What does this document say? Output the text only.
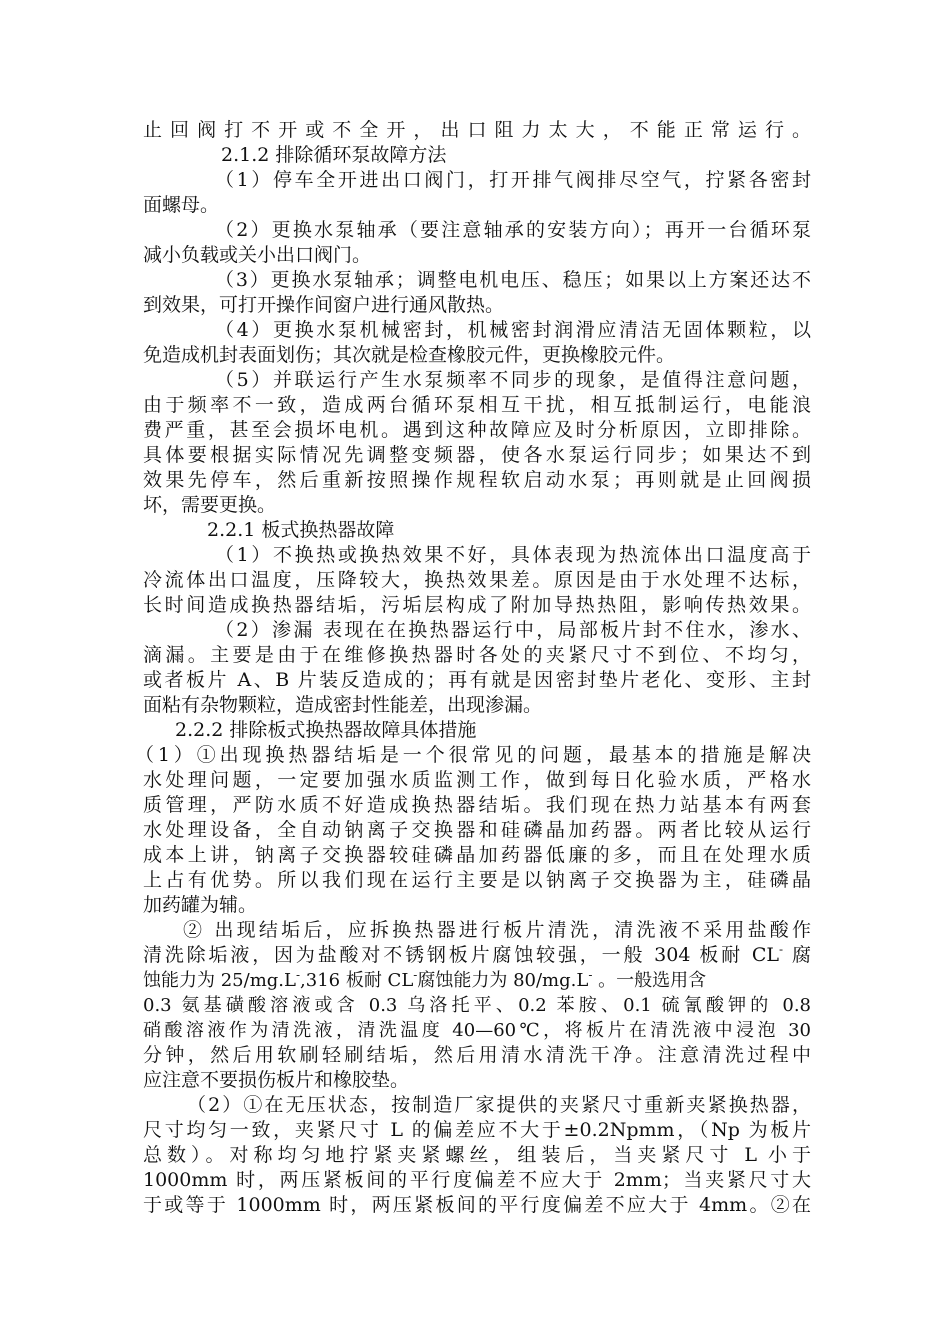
止回阀打不开或不全开，出口阻力太大，不能正常运行。
2.1.2 排除循环泵故障方法
（1）停车全开进出口阀门，打开排气阀排尽空气，拧紧各密封
面螺母。
（2）更换水泵轴承（要注意轴承的安装方向）；再开一台循环泵
减小负载或关小出口阀门。
（3）更换水泵轴承；调整电机电压、稳压；如果以上方案还达不
到效果，可打开操作间窗户进行通风散热。
（4）更换水泵机械密封，机械密封润滑应清洁无固体颗粒，以
免造成机封表面划伤；其次就是检查橡胶元件，更换橡胶元件。
（5）并联运行产生水泵频率不同步的现象，是值得注意问题，
由于频率不一致，造成两台循环泵相互干扰，相互抵制运行，电能浪
费严重，甚至会损坏电机。遇到这种故障应及时分析原因，立即排除。
具体要根据实际情况先调整变频器，使各水泵运行同步；如果达不到
效果先停车，然后重新按照操作规程软启动水泵；再则就是止回阀损
坏，需要更换。
2.2.1 板式换热器故障
（1）不换热或换热效果不好，具体表现为热流体出口温度高于
冷流体出口温度，压降较大，换热效果差。原因是由于水处理不达标，
长时间造成换热器结垢，污垢层构成了附加导热热阻，影响传热效果。
（2）渗漏 表现在在换热器运行中，局部板片封不住水，渗水、
滴漏。主要是由于在维修换热器时各处的夹紧尺寸不到位、不均匀，
或者板片 A、B 片装反造成的；再有就是因密封垫片老化、变形、主封
面粘有杂物颗粒，造成密封性能差，出现渗漏。
2.2.2 排除板式换热器故障具体措施
（1）①出现换热器结垢是一个很常见的问题，最基本的措施是解决
水处理问题，一定要加强水质监测工作，做到每日化验水质，严格水
质管理，严防水质不好造成换热器结垢。我们现在热力站基本有两套
水处理设备，全自动钠离子交换器和硅磷晶加药器。两者比较从运行
成本上讲，钠离子交换器较硅磷晶加药器低廉的多，而且在处理水质
上占有优势。所以我们现在运行主要是以钠离子交换器为主，硅磷晶
加药罐为辅。
② 出现结垢后，应拆换热器进行板片清洗，清洗液不采用盐酸作
清洗除垢液，因为盐酸对不锈钢板片腐蚀较强，一般 304 板耐 CL- 腐
蚀能力为 25/mg.L-,316 板耐 CL-腐蚀能力为 80/mg.L- 。一般选用含
0.3 氨基磺酸溶液或含 0.3 乌洛托平、0.2 苯胺、0.1 硫氰酸钾的 0.8
硝酸溶液作为清洗液，清洗温度 40—60℃，将板片在清洗液中浸泡 30
分钟，然后用软刷轻刷结垢，然后用清水清洗干净。注意清洗过程中
应注意不要损伤板片和橡胶垫。
（2）①在无压状态，按制造厂家提供的夹紧尺寸重新夹紧换热器，
尺寸均匀一致，夹紧尺寸 L 的偏差应不大于±0.2Npmm，（Np 为板片
总数）。对称均匀地拧紧夹紧螺丝，组装后，当夹紧尺寸 L 小于
1000mm 时，两压紧板间的平行度偏差不应大于 2mm；当夹紧尺寸大
于或等于 1000mm 时，两压紧板间的平行度偏差不应大于 4mm。②在
